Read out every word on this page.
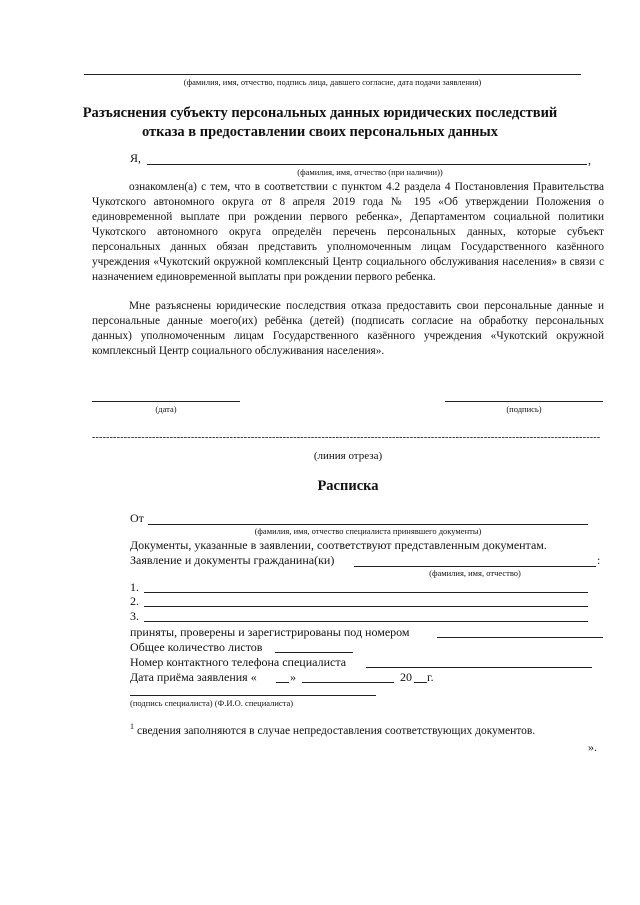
(фамилия, имя, отчество, подпись лица, давшего согласие, дата подачи заявления)
Разъяснения субъекту персональных данных юридических последствий
отказа в предоставлении своих персональных данных
Я,	,
(фамилия, имя, отчество (при наличии))
ознакомлен(а) с тем, что в соответствии с пунктом 4.2 раздела 4 Постановления Правительства Чукотского автономного округа от 8 апреля 2019 года № 195 «Об утверждении Положения о единовременной выплате при рождении первого ребенка», Департаментом социальной политики Чукотского автономного округа определён перечень персональных данных, которые субъект персональных данных обязан представить уполномоченным лицам Государственного казённого учреждения «Чукотский окружной комплексный Центр социального обслуживания населения» в связи с назначением единовременной выплаты при рождении первого ребенка.
Мне разъяснены юридические последствия отказа предоставить свои персональные данные и персональные данные моего(их) ребёнка (детей) (подписать согласие на обработку персональных данных) уполномоченным лицам Государственного казённого учреждения «Чукотский окружной комплексный Центр социального обслуживания населения».
(дата)	(подпись)
------------------------------------------------------------------------------------------------------------------------------------------------
(линия отреза)
Расписка
От
(фамилия, имя, отчество специалиста принявшего документы)
Документы, указанные в заявлении, соответствуют представленным документам.
Заявление и документы гражданина(ки)	:
(фамилия, имя, отчество)
1.
2.
3.
приняты, проверены и зарегистрированы под номером
Общее количество листов
Номер контактного телефона специалиста
Дата приёма заявления «	»	20 г.
(подпись специалиста) (Ф.И.О. специалиста)
$^1$ сведения заполняются в случае непредоставления соответствующих документов.
».
